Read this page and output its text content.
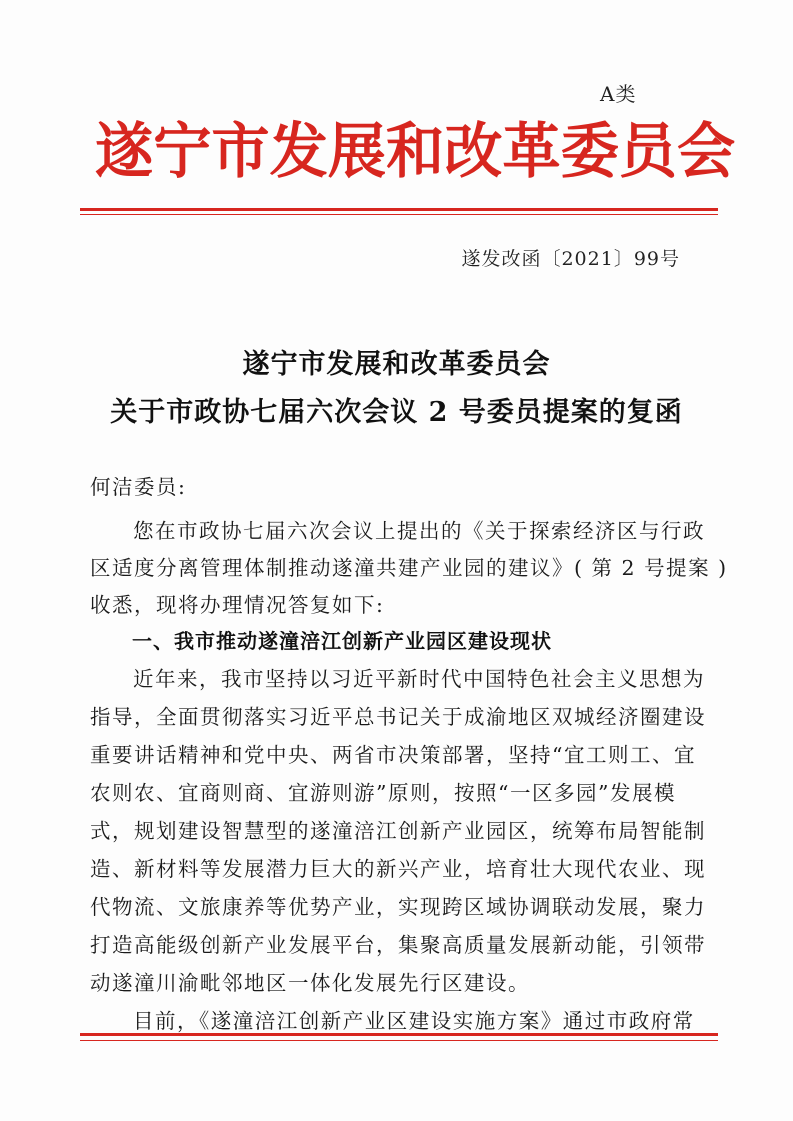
A类
遂宁市发展和改革委员会
遂发改函〔2021〕99号
遂宁市发展和改革委员会
关于市政协七届六次会议 2 号委员提案的复函
何洁委员:
您在市政协七届六次会议上提出的《关于探索经济区与行政
区适度分离管理体制推动遂潼共建产业园的建议》( 第 2 号提案 )
收悉，现将办理情况答复如下:
一、我市推动遂潼涪江创新产业园区建设现状
近年来，我市坚持以习近平新时代中国特色社会主义思想为
指导，全面贯彻落实习近平总书记关于成渝地区双城经济圈建设
重要讲话精神和党中央、两省市决策部署，坚持“宜工则工、宜
农则农、宜商则商、宜游则游”原则，按照“一区多园”发展模
式，规划建设智慧型的遂潼涪江创新产业园区，统筹布局智能制
造、新材料等发展潜力巨大的新兴产业，培育壮大现代农业、现
代物流、文旅康养等优势产业，实现跨区域协调联动发展，聚力
打造高能级创新产业发展平台，集聚高质量发展新动能，引领带
动遂潼川渝毗邻地区一体化发展先行区建设。
目前，《遂潼涪江创新产业区建设实施方案》通过市政府常
